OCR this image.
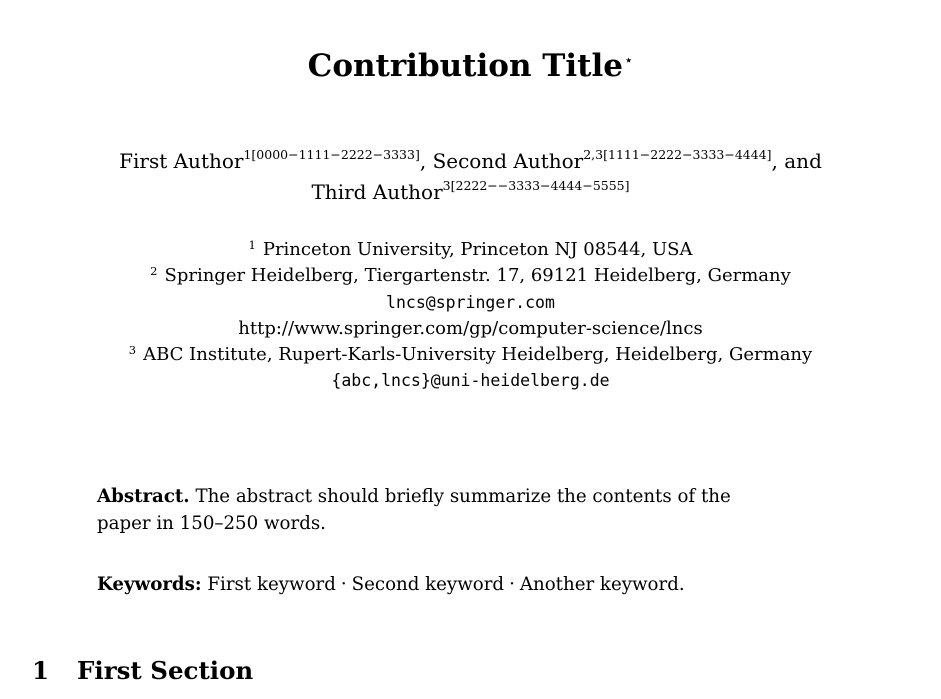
Contribution Title⋆
First Author$^{1[0000-1111-2222-3333]}$, Second Author$^{2,3[1111-2222-3333-4444]}$, and
Third Author$^{3[2222--3333-4444-5555]}$
$^1$ Princeton University, Princeton NJ 08544, USA
$^2$ Springer Heidelberg, Tiergartenstr. 17, 69121 Heidelberg, Germany
lncs@springer.com
http://www.springer.com/gp/computer-science/lncs
$^3$ ABC Institute, Rupert-Karls-University Heidelberg, Heidelberg, Germany
{abc,lncs}@uni-heidelberg.de

Abstract. The abstract should briefly summarize the contents of the

paper in 150–250 words.

Keywords: First keyword · Second keyword · Another keyword.
1 First Section
